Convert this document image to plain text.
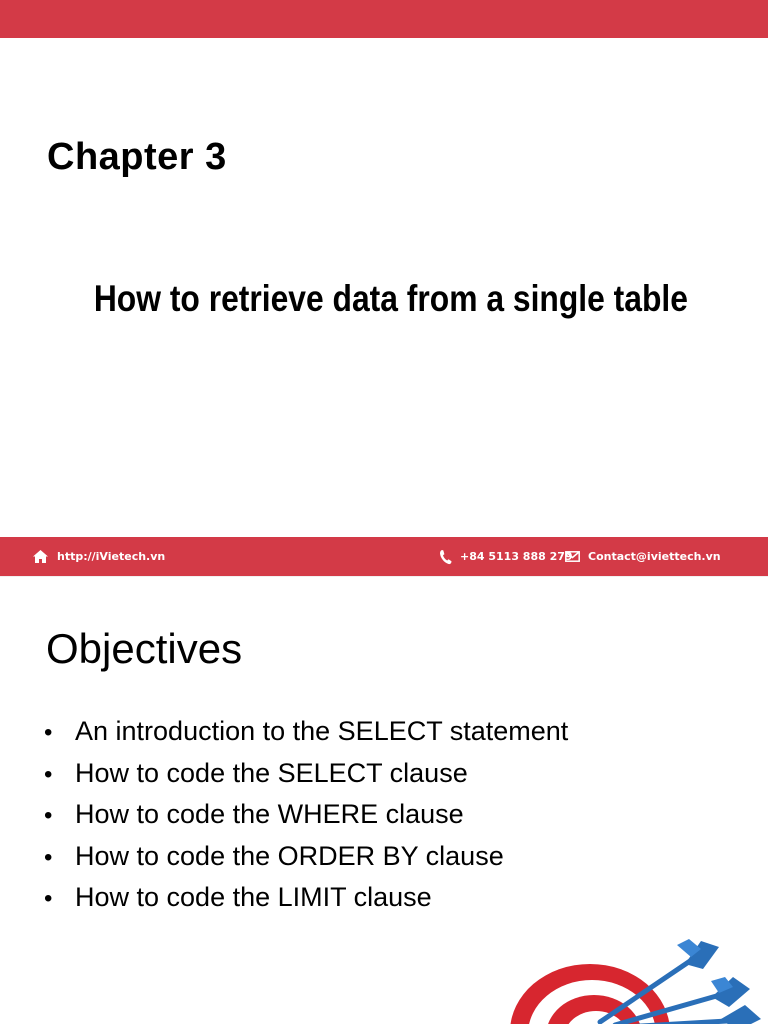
Chapter 3
How to retrieve data from a single table
http://iVietech.vn	+84 5113 888 279 Contact@iviettech.vn
Objectives
• An introduction to the SELECT statement
• How to code the SELECT clause
• How to code the WHERE clause
• How to code the ORDER BY clause
• How to code the LIMIT clause
